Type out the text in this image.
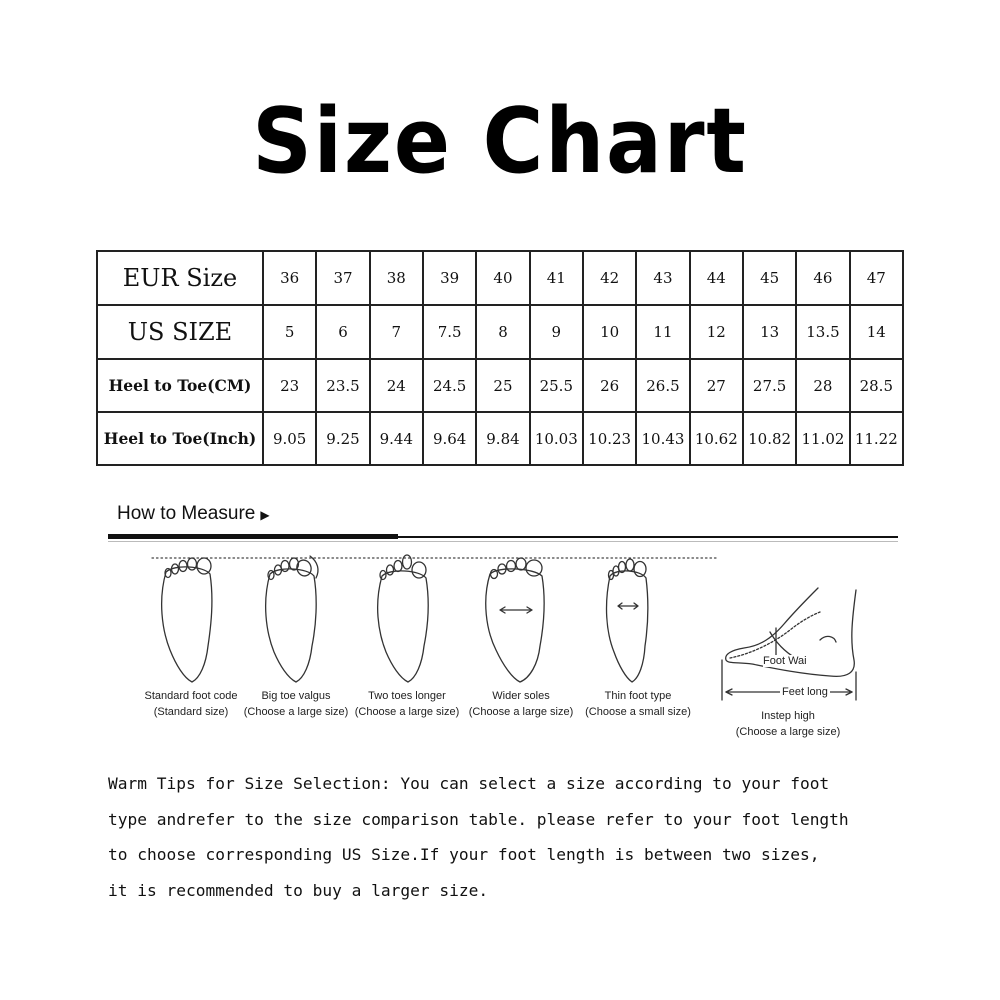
Size Chart
EUR Size	36	37	38	39	40	41	42	43	44	45	46	47
US SIZE	5	6	7	7.5	8	9	10	11	12	13	13.5	14
Heel to Toe(CM)	23	23.5	24	24.5	25	25.5	26	26.5	27	27.5	28	28.5
Heel to Toe(Inch)	9.05	9.25	9.44	9.64	9.84	10.03	10.23	10.43	10.62	10.82	11.02	11.22
How to Measure ▶
Standard foot code
(Standard size)
Big toe valgus
(Choose a large size)
Two toes longer
(Choose a large size)
Wider soles
(Choose a large size)
Thin foot type
(Choose a small size)
Foot Wai
Feet long
Instep high
(Choose a large size)
Warm Tips for Size Selection: You can select a size according to your foot
type andrefer to the size comparison table. please refer to your foot length
to choose corresponding US Size.If your foot length is between two sizes,
it is recommended to buy a larger size.
